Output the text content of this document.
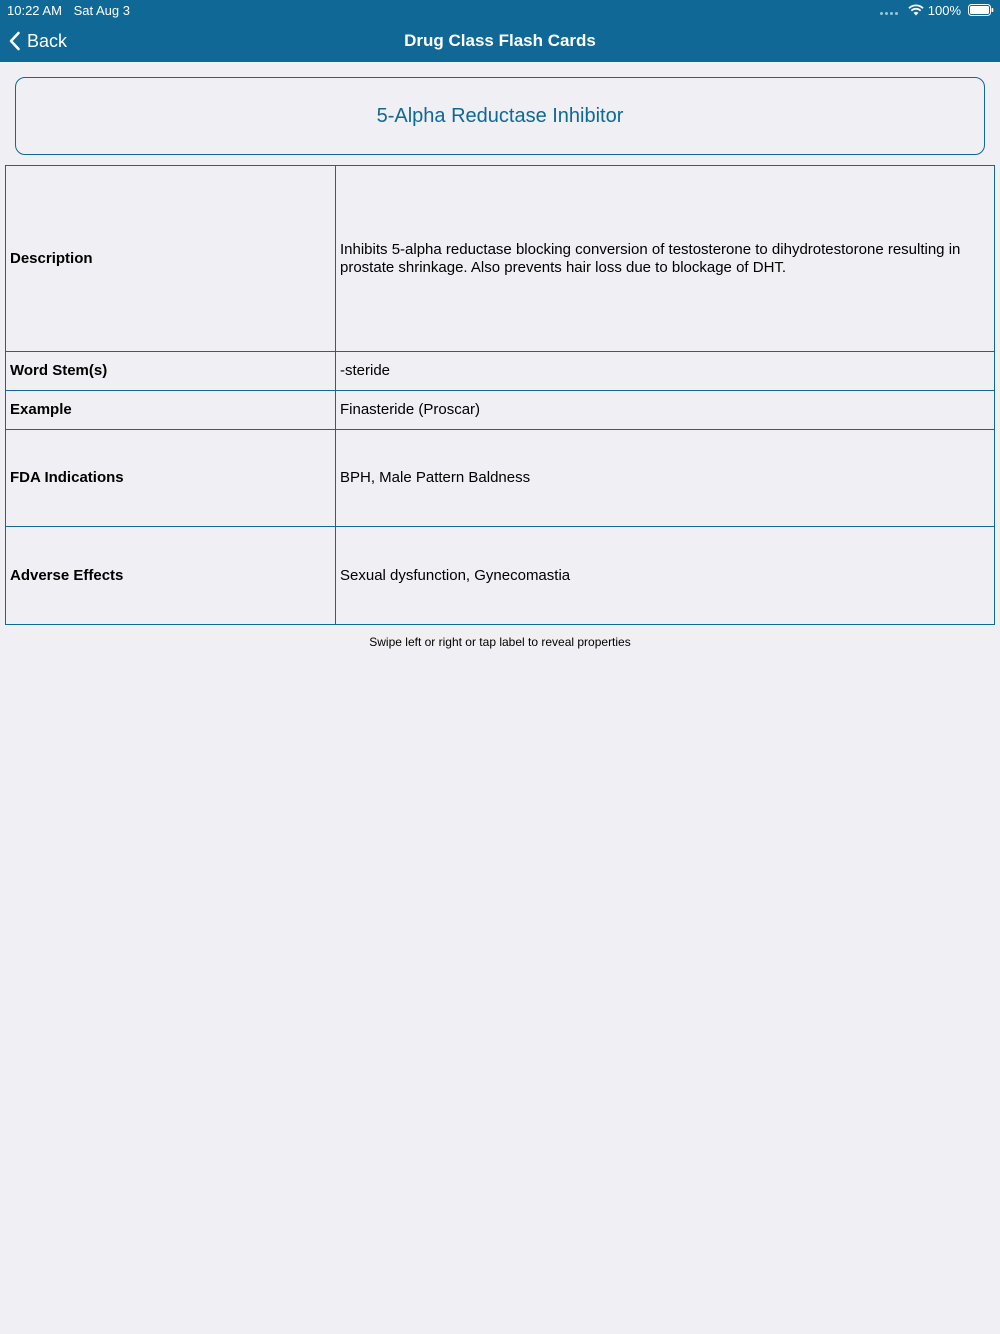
10:22 AM Sat Aug 3	100%
Back	Drug Class Flash Cards
5-Alpha Reductase Inhibitor
Description	Inhibits 5-alpha reductase blocking conversion of testosterone to dihydrotestorone resulting in prostate shrinkage. Also prevents hair loss due to blockage of DHT.
Word Stem(s)	-steride
Example	Finasteride (Proscar)
FDA Indications	BPH, Male Pattern Baldness
Adverse Effects	Sexual dysfunction, Gynecomastia
Swipe left or right or tap label to reveal properties
